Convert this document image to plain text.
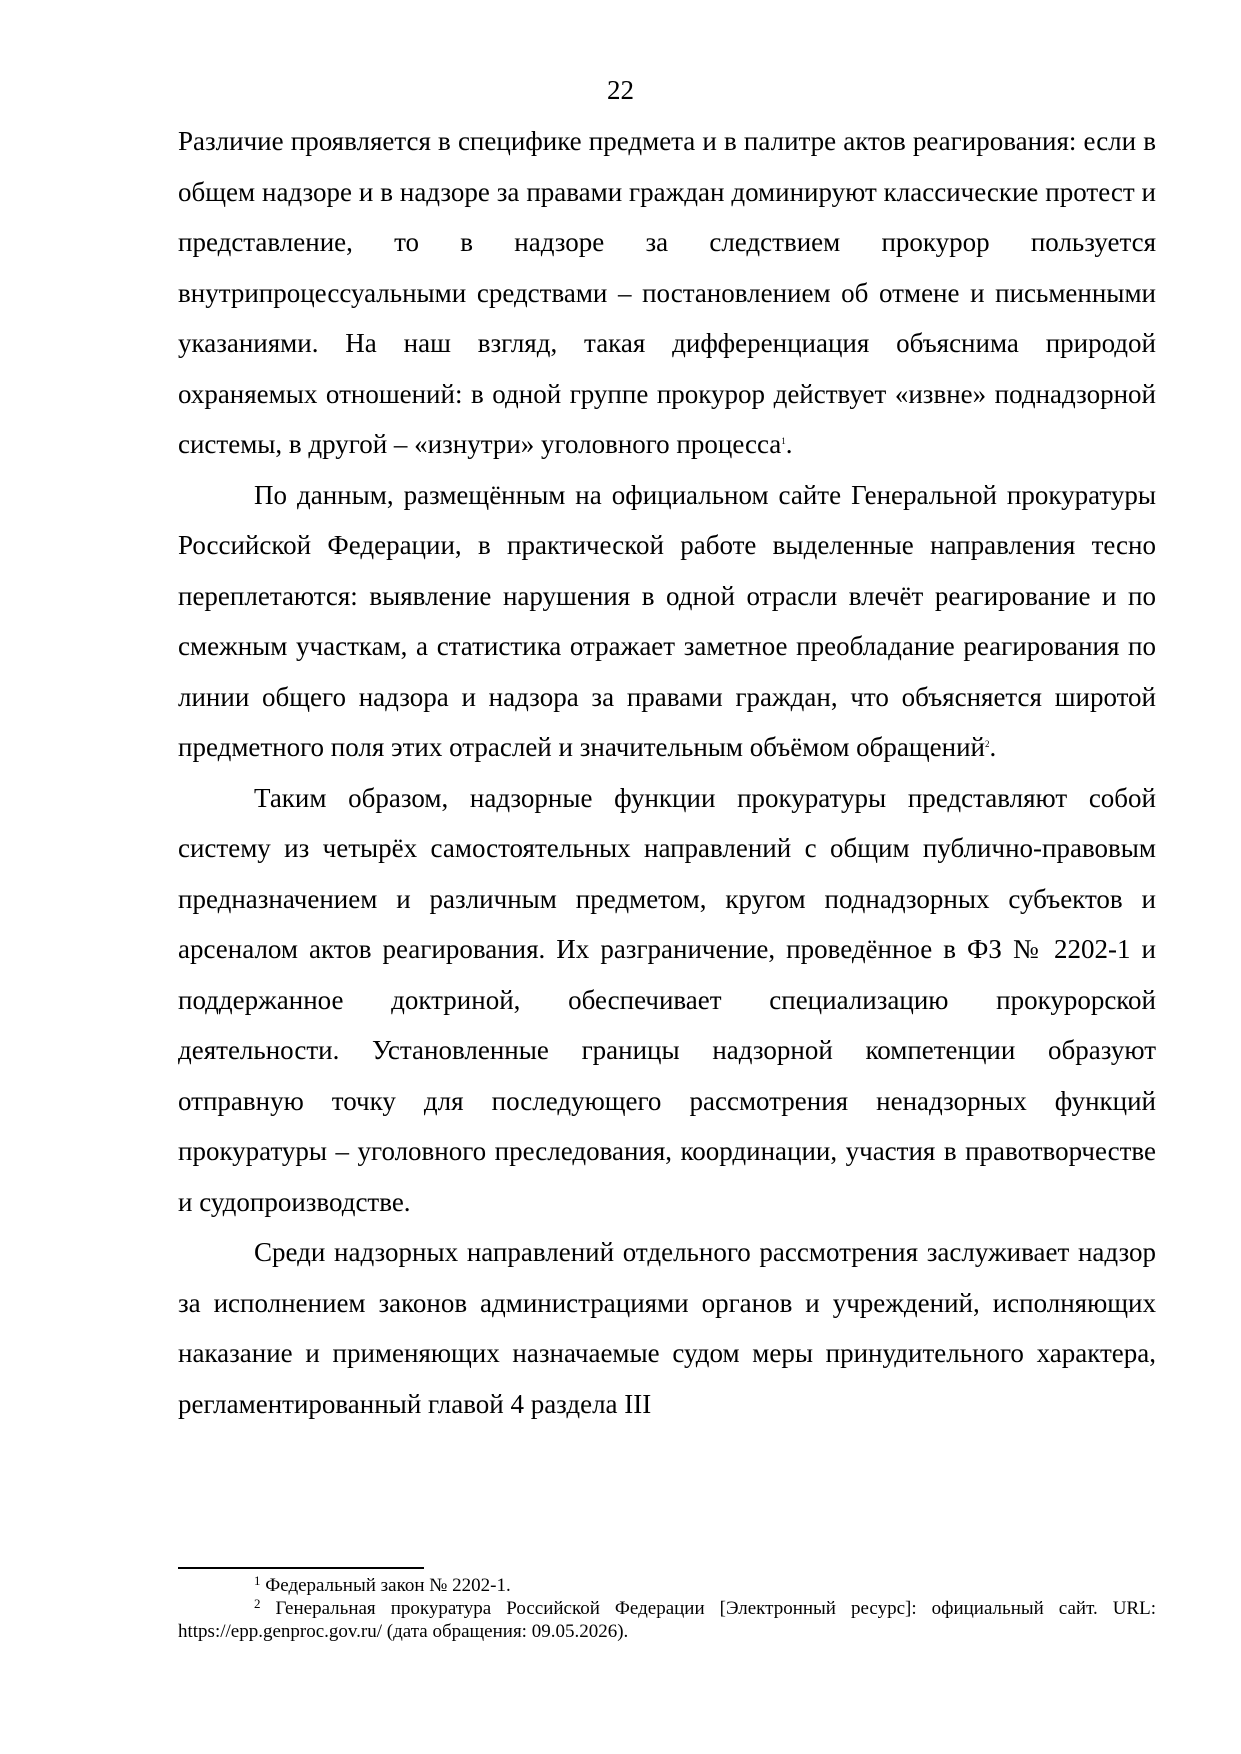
22

Различие проявляется в специфике предмета и в палитре актов реагирования: если в общем надзоре и в надзоре за правами граждан доминируют классические протест и представление, то в надзоре за следствием прокурор пользуется внутрипроцессуальными средствами – постановлением об отмене и письменными указаниями. На наш взгляд, такая дифференциация объяснима природой охраняемых отношений: в одной группе прокурор действует «извне» поднадзорной системы, в другой – «изнутри» уголовного процесса$^1$.

По данным, размещённым на официальном сайте Генеральной прокуратуры Российской Федерации, в практической работе выделенные направления тесно переплетаются: выявление нарушения в одной отрасли влечёт реагирование и по смежным участкам, а статистика отражает заметное преобладание реагирования по линии общего надзора и надзора за правами граждан, что объясняется широтой предметного поля этих отраслей и значительным объёмом обращений$^2$.

Таким образом, надзорные функции прокуратуры представляют собой систему из четырёх самостоятельных направлений с общим публично-правовым предназначением и различным предметом, кругом поднадзорных субъектов и арсеналом актов реагирования. Их разграничение, проведённое в ФЗ № 2202-1 и поддержанное доктриной, обеспечивает специализацию прокурорской деятельности. Установленные границы надзорной компетенции образуют отправную точку для последующего рассмотрения ненадзорных функций прокуратуры – уголовного преследования, координации, участия в правотворчестве и судопроизводстве.

Среди надзорных направлений отдельного рассмотрения заслуживает надзор за исполнением законов администрациями органов и учреждений, исполняющих наказание и применяющих назначаемые судом меры принудительного характера, регламентированный главой 4 раздела III

$^1$ Федеральный закон № 2202-1.

$^2$ Генеральная прокуратура Российской Федерации [Электронный ресурс]: официальный сайт. URL: https://epp.genproc.gov.ru/ (дата обращения: 09.05.2026).
